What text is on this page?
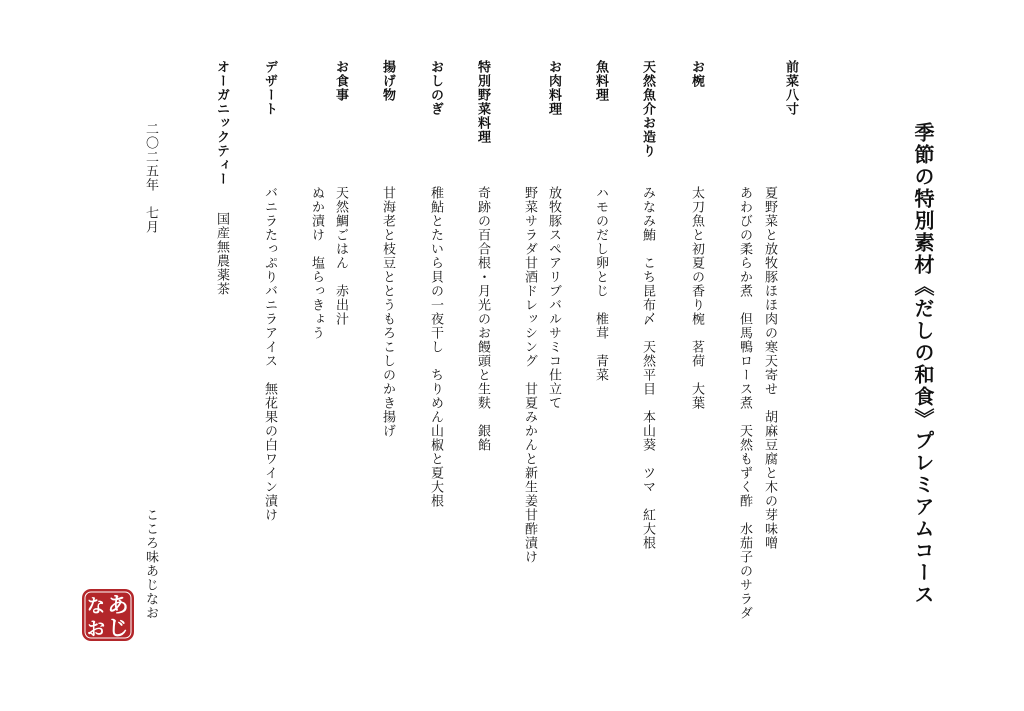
季節の特別素材《だしの和食》プレミアムコース
前菜八寸
夏野菜と放牧豚ほほ肉の寒天寄せ　胡麻豆腐と木の芽味噌
あわびの柔らか煮　但馬鴨ロース煮　天然もずく酢　水茄子のサラダ
お椀
太刀魚と初夏の香り椀　茗荷　大葉
天然魚介お造り
みなみ鮪　こち昆布〆　天然平目　本山葵　ツマ　紅大根
魚料理
ハモのだし卵とじ　椎茸　青菜
お肉料理
放牧豚スペアリブバルサミコ仕立て
野菜サラダ甘酒ドレッシング　甘夏みかんと新生姜甘酢漬け
特別野菜料理
奇跡の百合根・月光のお饅頭と生麩　銀餡
おしのぎ
稚鮎とたいら貝の一夜干し　ちりめん山椒と夏大根
揚げ物
甘海老と枝豆ととうもろこしのかき揚げ
お食事
天然鯛ごはん　赤出汁
ぬか漬け　塩らっきょう
デザート
バニラたっぷりバニラアイス　無花果の白ワイン漬け
オーガニックティー
国産無農薬茶
二〇二五年　七月
こころ味あじなお
あ
じ
な
お
